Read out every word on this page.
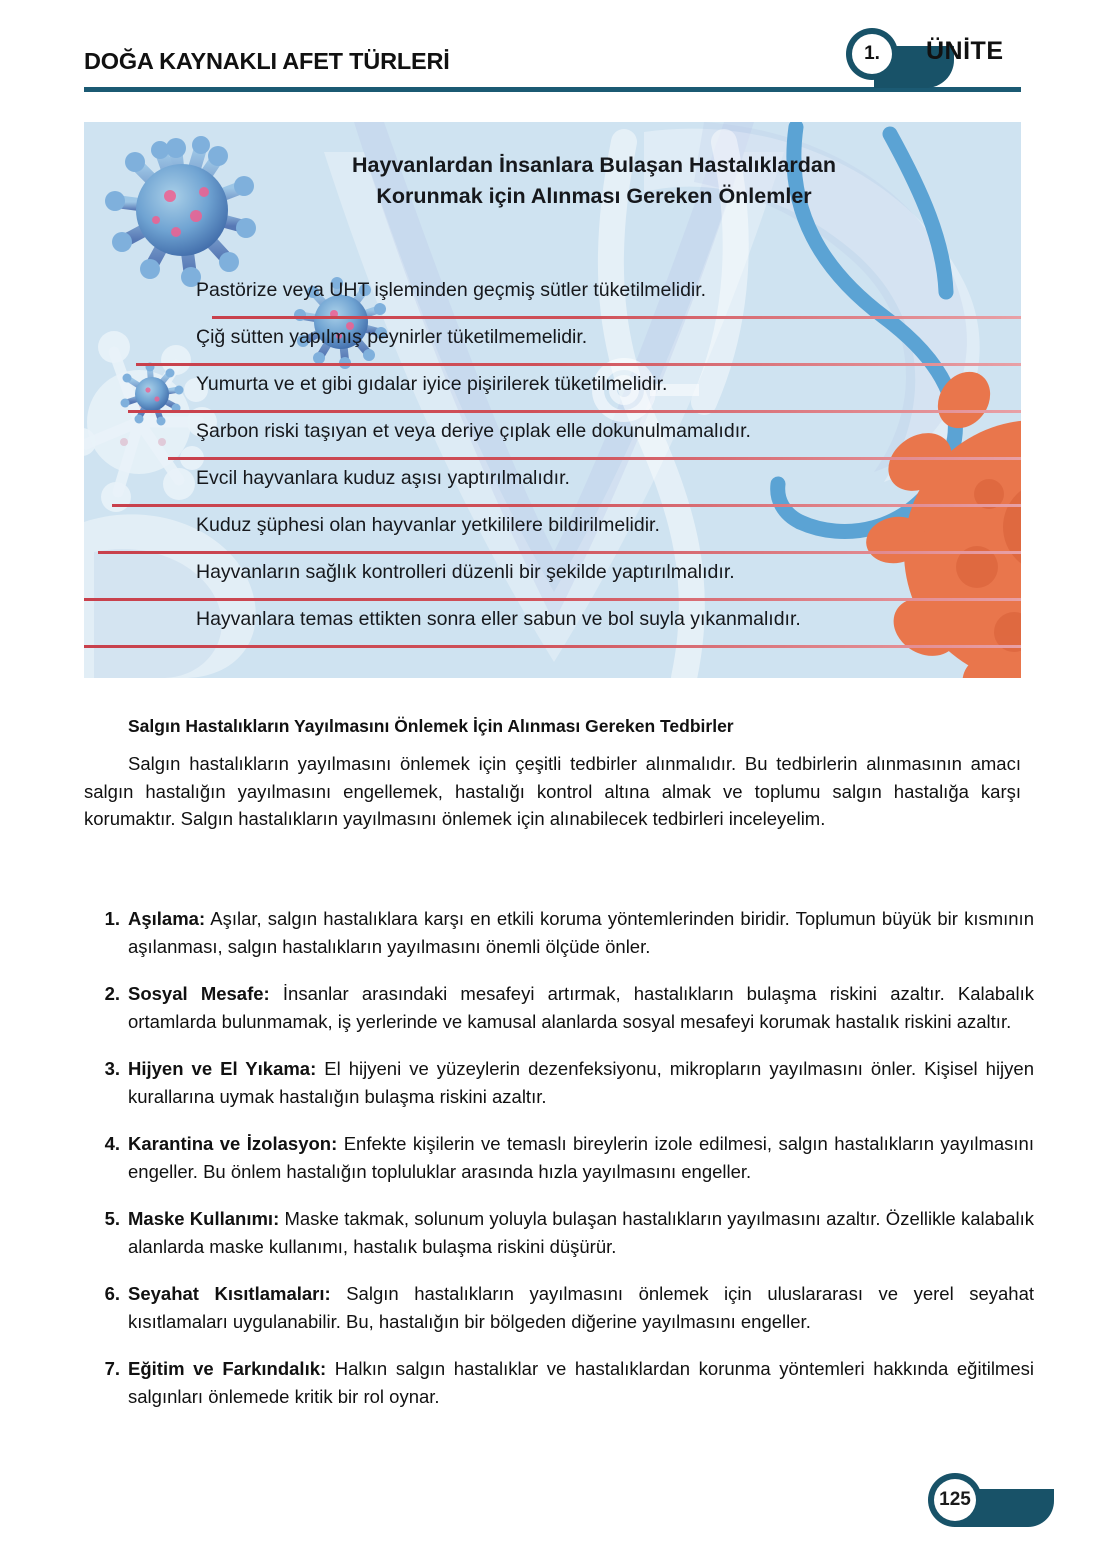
DOĞA KAYNAKLI AFET TÜRLERİ	1.	ÜNİTE
Hayvanlardan İnsanlara Bulaşan Hastalıklardan
Korunmak için Alınması Gereken Önlemler
Pastörize veya UHT işleminden geçmiş sütler tüketilmelidir.
Çiğ sütten yapılmış peynirler tüketilmemelidir.
Yumurta ve et gibi gıdalar iyice pişirilerek tüketilmelidir.
Şarbon riski taşıyan et veya deriye çıplak elle dokunulmamalıdır.
Evcil hayvanlara kuduz aşısı yaptırılmalıdır.
Kuduz şüphesi olan hayvanlar yetkililere bildirilmelidir.
Hayvanların sağlık kontrolleri düzenli bir şekilde yaptırılmalıdır.
Hayvanlara temas ettikten sonra eller sabun ve bol suyla yıkanmalıdır.
Salgın Hastalıkların Yayılmasını Önlemek İçin Alınması Gereken Tedbirler

Salgın hastalıkların yayılmasını önlemek için çeşitli tedbirler alınmalıdır. Bu tedbirlerin alınmasının amacı salgın hastalığın yayılmasını engellemek, hastalığı kontrol altına almak ve toplumu salgın hastalığa karşı korumaktır. Salgın hastalıkların yayılmasını önlemek için alınabilecek tedbirleri inceleyelim.

1. Aşılama: Aşılar, salgın hastalıklara karşı en etkili koruma yöntemlerinden biridir. Toplumun büyük bir kısmının aşılanması, salgın hastalıkların yayılmasını önemli ölçüde önler.
2. Sosyal Mesafe: İnsanlar arasındaki mesafeyi artırmak, hastalıkların bulaşma riskini azaltır. Kalabalık ortamlarda bulunmamak, iş yerlerinde ve kamusal alanlarda sosyal mesafeyi korumak hastalık riskini azaltır.
3. Hijyen ve El Yıkama: El hijyeni ve yüzeylerin dezenfeksiyonu, mikropların yayılmasını önler. Kişisel hijyen kurallarına uymak hastalığın bulaşma riskini azaltır.
4. Karantina ve İzolasyon: Enfekte kişilerin ve temaslı bireylerin izole edilmesi, salgın hastalıkların yayılmasını engeller. Bu önlem hastalığın topluluklar arasında hızla yayılmasını engeller.
5. Maske Kullanımı: Maske takmak, solunum yoluyla bulaşan hastalıkların yayılmasını azaltır. Özellikle kalabalık alanlarda maske kullanımı, hastalık bulaşma riskini düşürür.
6. Seyahat Kısıtlamaları: Salgın hastalıkların yayılmasını önlemek için uluslararası ve yerel seyahat kısıtlamaları uygulanabilir. Bu, hastalığın bir bölgeden diğerine yayılmasını engeller.
7. Eğitim ve Farkındalık: Halkın salgın hastalıklar ve hastalıklardan korunma yöntemleri hakkında eğitilmesi salgınları önlemede kritik bir rol oynar.
125
